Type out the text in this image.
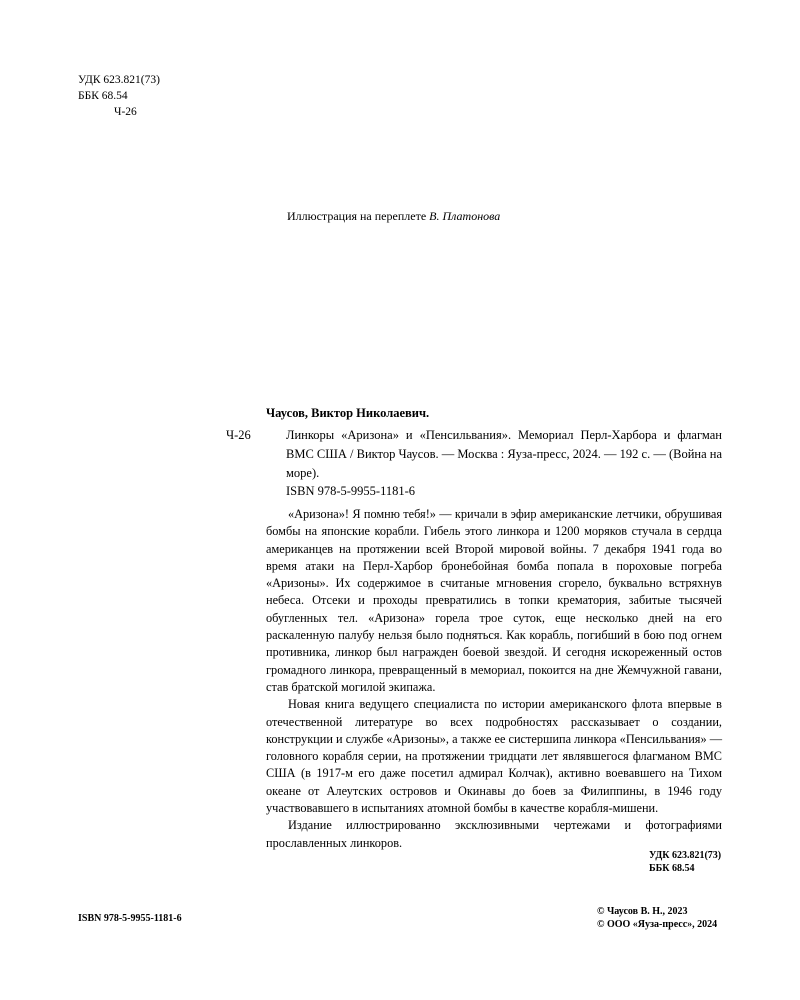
УДК 623.821(73)
ББК 68.54
Ч-26
Иллюстрация на переплете В. Платонова
Чаусов, Виктор Николаевич.
Ч-26	Линкоры «Аризона» и «Пенсильвания». Мемориал Перл-Харбора и флагман ВМС США / Виктор Чаусов. — Москва : Яуза-пресс, 2024. — 192 с. — (Война на море).

ISBN 978-5-9955-1181-6

«Аризона»! Я помню тебя!» — кричали в эфир американские летчики, обрушивая бомбы на японские корабли. Гибель этого линкора и 1200 моряков стучала в сердца американцев на протяжении всей Второй мировой войны. 7 декабря 1941 года во время атаки на Перл-Харбор бронебойная бомба попала в пороховые погреба «Аризоны». Их содержимое в считаные мгновения сгорело, буквально встряхнув небеса. Отсеки и проходы превратились в топки крематория, забитые тысячей обугленных тел. «Аризона» горела трое суток, еще несколько дней на его раскаленную палубу нельзя было подняться. Как корабль, погибший в бою под огнем противника, линкор был награжден боевой звездой. И сегодня искореженный остов громадного линкора, превращенный в мемориал, покоится на дне Жемчужной гавани, став братской могилой экипажа.

Новая книга ведущего специалиста по истории американского флота впервые в отечественной литературе во всех подробностях рассказывает о создании, конструкции и службе «Аризоны», а также ее систершипа линкора «Пенсильвания» — головного корабля серии, на протяжении тридцати лет являвшегося флагманом ВМС США (в 1917-м его даже посетил адмирал Колчак), активно воевавшего на Тихом океане от Алеутских островов и Окинавы до боев за Филиппины, в 1946 году участвовавшего в испытаниях атомной бомбы в качестве корабля-мишени.

Издание иллюстрированно эксклюзивными чертежами и фотографиями прославленных линкоров.

УДК 623.821(73)
ББК 68.54
ISBN 978-5-9955-1181-6
© Чаусов В. Н., 2023
© ООО «Яуза-пресс», 2024
